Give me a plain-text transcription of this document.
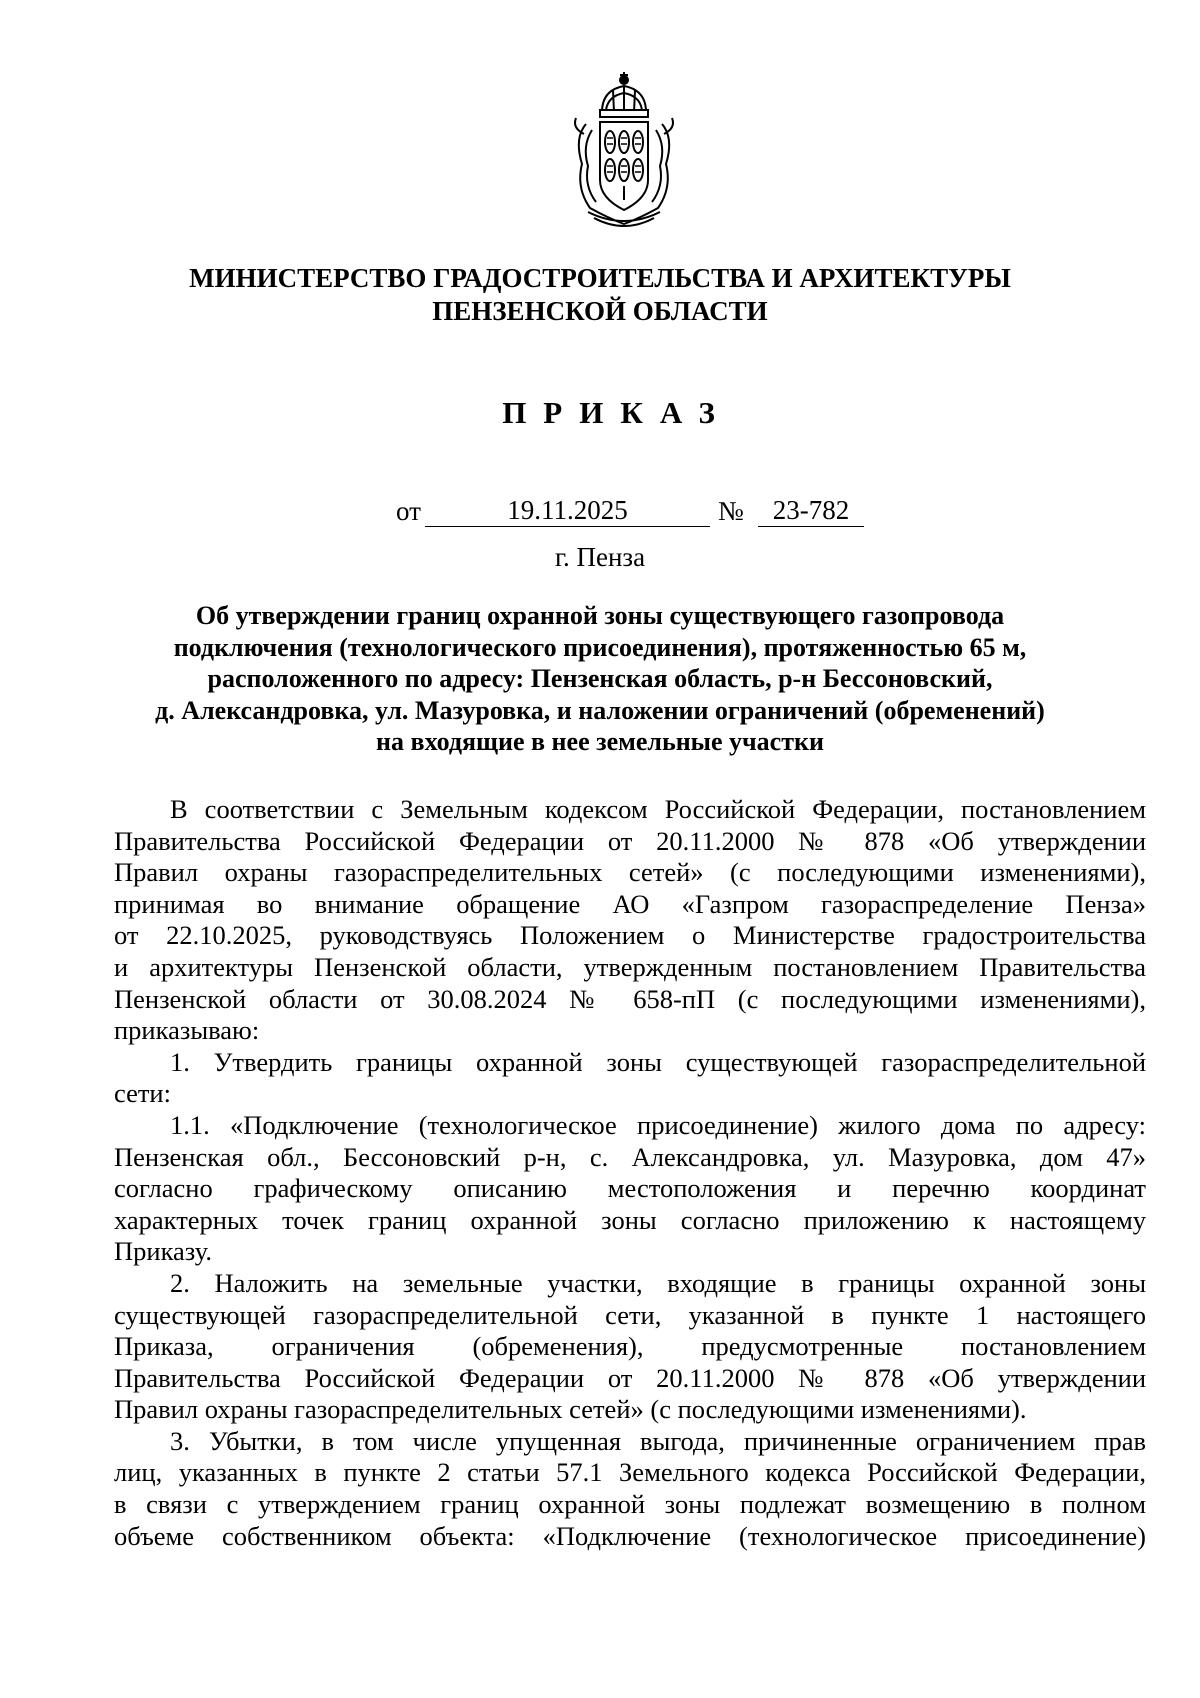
МИНИСТЕРСТВО ГРАДОСТРОИТЕЛЬСТВА И АРХИТЕКТУРЫ
ПЕНЗЕНСКОЙ ОБЛАСТИ
ПРИКАЗ
от	19.11.2025	№	23-782
г. Пенза
Об утверждении границ охранной зоны существующего газопровода
подключения (технологического присоединения), протяженностью 65 м,
расположенного по адресу: Пензенская область, р-н Бессоновский,
д. Александровка, ул. Мазуровка, и наложении ограничений (обременений)
на входящие в нее земельные участки
В соответствии с Земельным кодексом Российской Федерации, постановлением
Правительства Российской Федерации от 20.11.2000 № 878 «Об утверждении
Правил охраны газораспределительных сетей» (с последующими изменениями),
принимая во внимание обращение АО «Газпром газораспределение Пенза»
от 22.10.2025, руководствуясь Положением о Министерстве градостроительства
и архитектуры Пензенской области, утвержденным постановлением Правительства
Пензенской области от 30.08.2024 № 658-пП (с последующими изменениями),
приказываю:
1. Утвердить границы охранной зоны существующей газораспределительной
сети:
1.1. «Подключение (технологическое присоединение) жилого дома по адресу:
Пензенская обл., Бессоновский р-н, с. Александровка, ул. Мазуровка, дом 47»
согласно графическому описанию местоположения и перечню координат
характерных точек границ охранной зоны согласно приложению к настоящему
Приказу.
2. Наложить на земельные участки, входящие в границы охранной зоны
существующей газораспределительной сети, указанной в пункте 1 настоящего
Приказа, ограничения (обременения), предусмотренные постановлением
Правительства Российской Федерации от 20.11.2000 № 878 «Об утверждении
Правил охраны газораспределительных сетей» (с последующими изменениями).
3. Убытки, в том числе упущенная выгода, причиненные ограничением прав
лиц, указанных в пункте 2 статьи 57.1 Земельного кодекса Российской Федерации,
в связи с утверждением границ охранной зоны подлежат возмещению в полном
объеме собственником объекта: «Подключение (технологическое присоединение)
